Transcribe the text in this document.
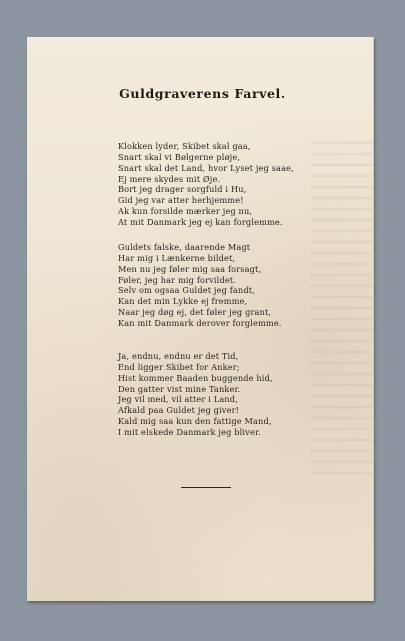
Guldgraverens Farvel.
Klokken lyder, Skibet skal gaa,
Snart skal vi Bølgerne pløje,
Snart skal det Land, hvor Lyset jeg saae,
Ej mere skydes mit Øje.
Bort jeg drager sorgfuld i Hu,
Gid jeg var atter herhjemme!
Ak kun forsilde mærker jeg nu,
At mit Danmark jeg ej kan forglemme.
Guldets falske, daarende Magt
Har mig i Lænkerne bildet,
Men nu jeg føler mig saa forsagt,
Føler, jeg har mig forvildet.
Selv om ogsaa Guldet jeg fandt,
Kan det min Lykke ej fremme,
Naar jeg døg ej, det føler jeg grant,
Kan mit Danmark derover forglemme.
Ja, endnu, endnu er det Tid,
End ligger Skibet for Anker;
Hist kommer Baaden buggende hid,
Den gatter vist mine Tanker.
Jeg vil med, vil atter i Land,
Afkald paa Guldet jeg giver!
Kald mig saa kun den fattige Mand,
I mit elskede Danmark jeg bliver.
